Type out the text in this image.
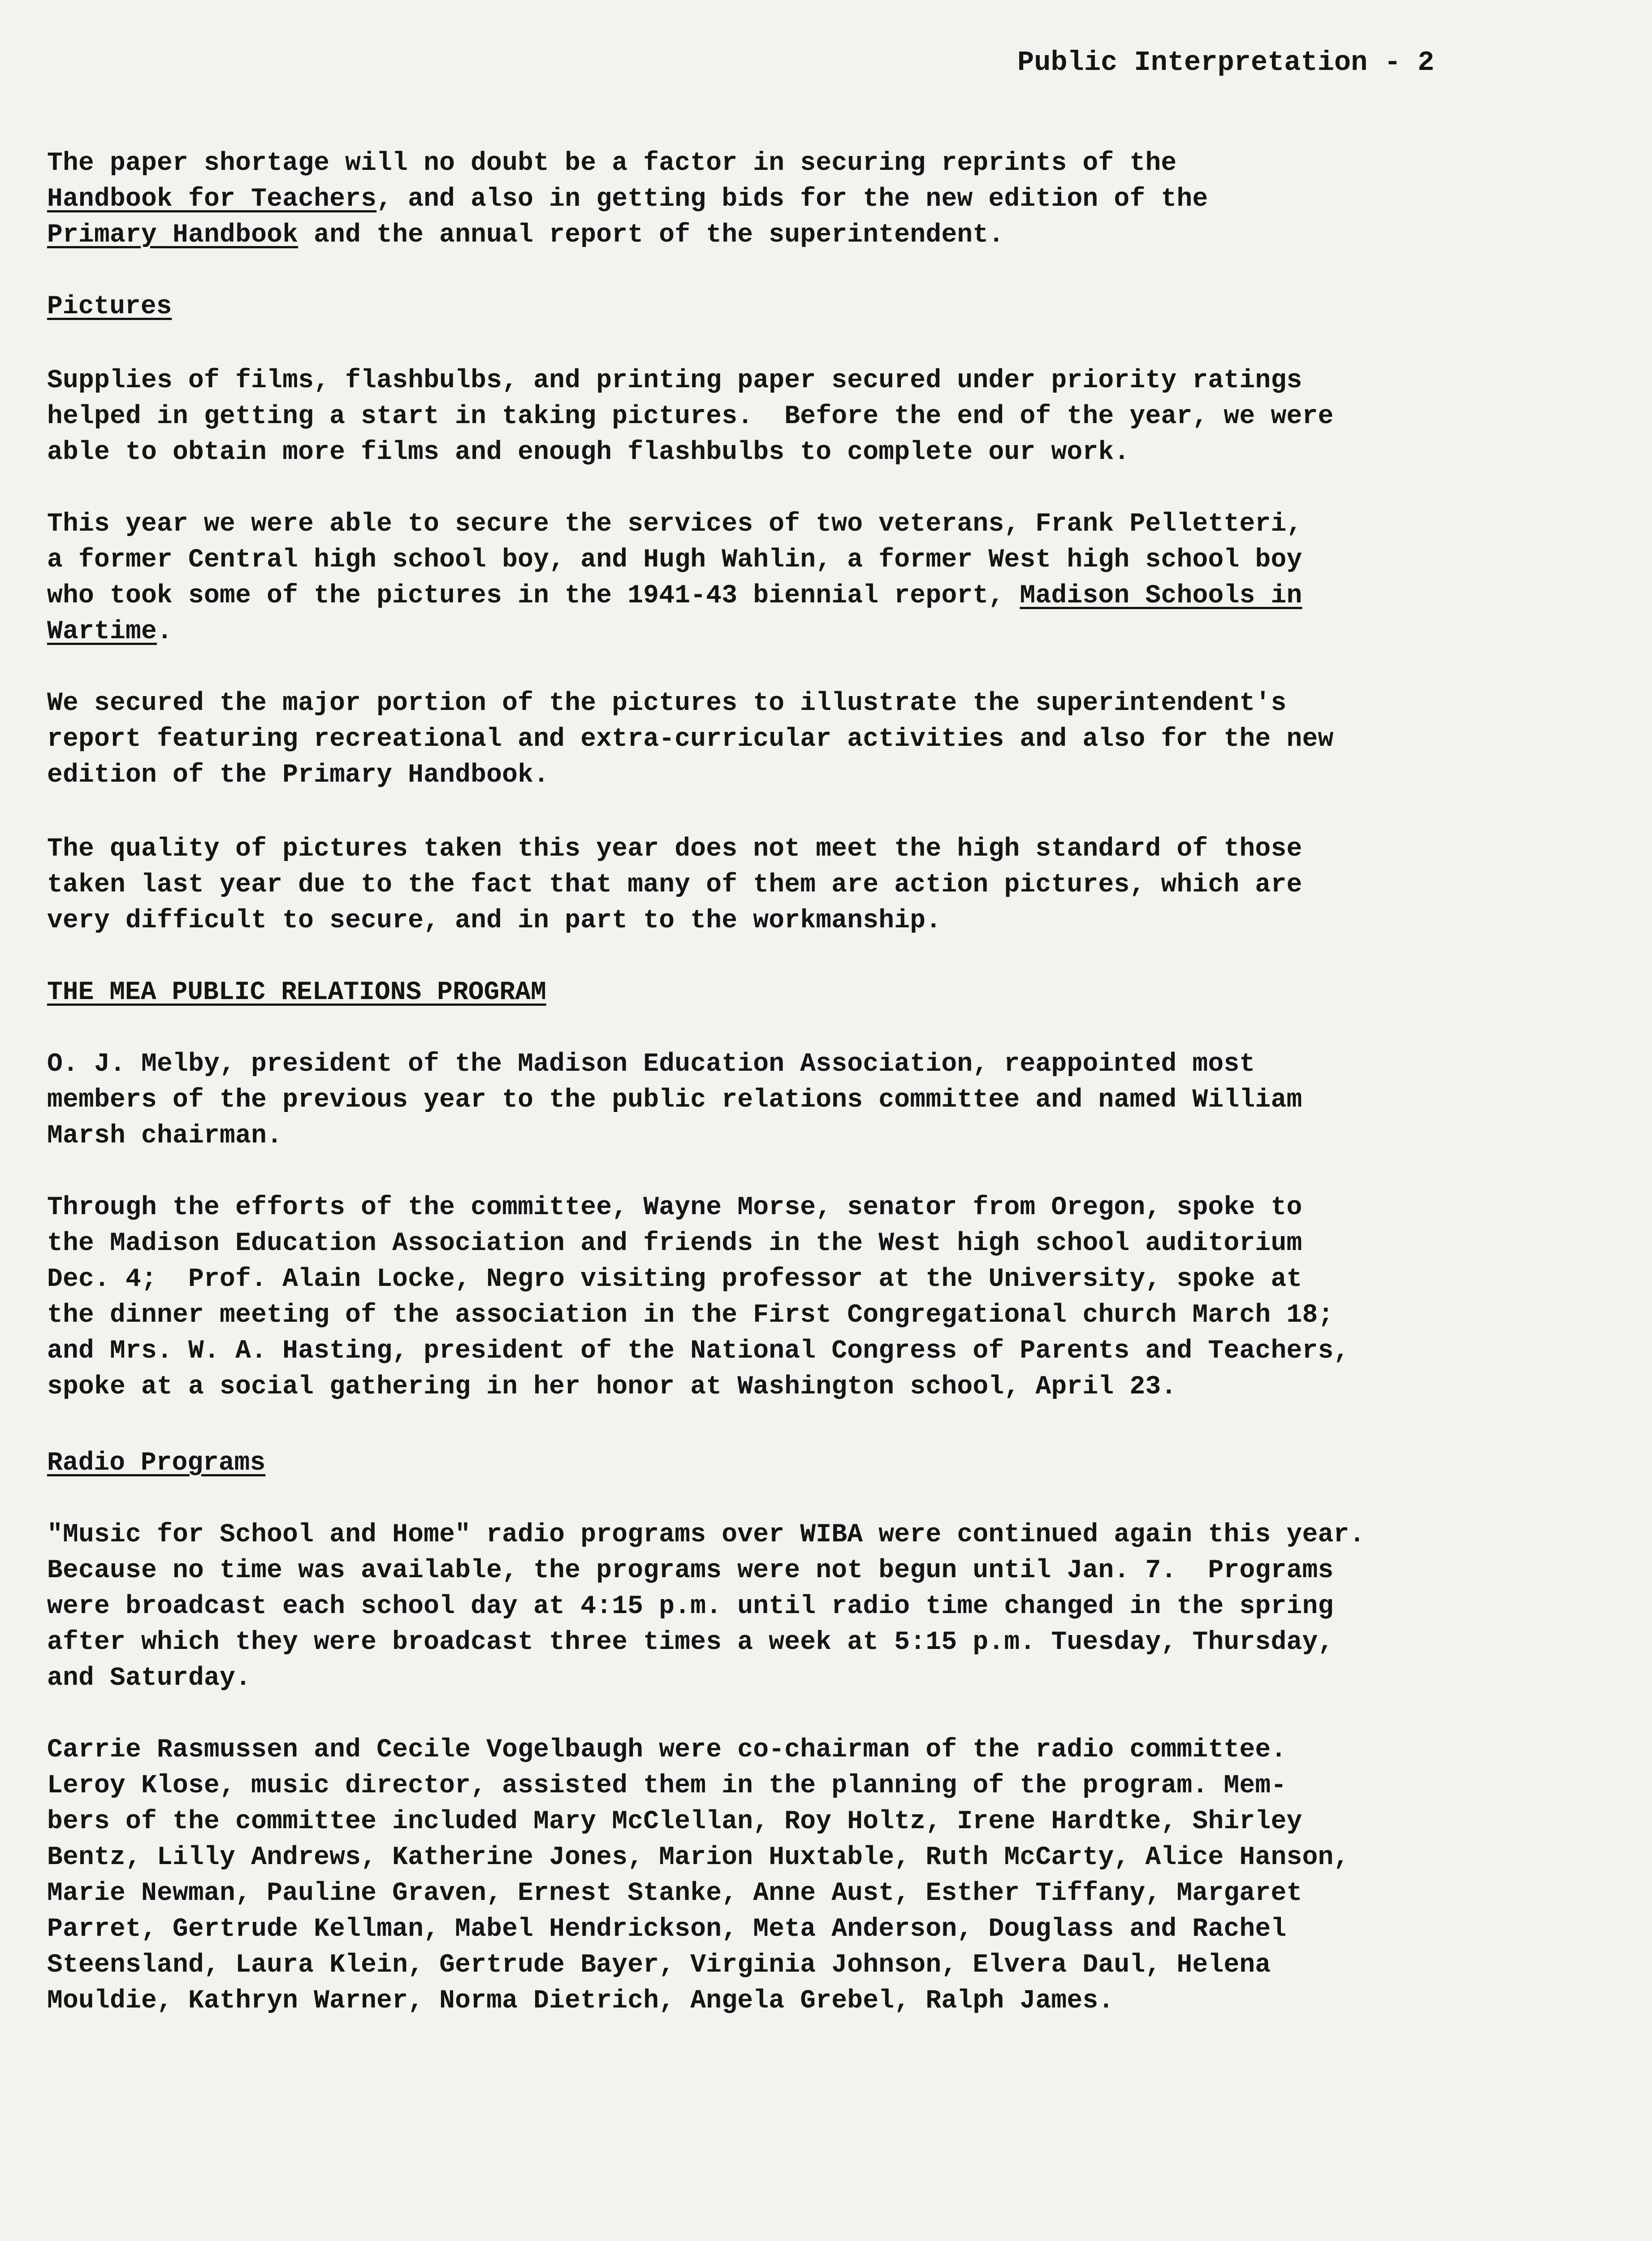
Public Interpretation - 2
The paper shortage will no doubt be a factor in securing reprints of the
Handbook for Teachers, and also in getting bids for the new edition of the
Primary Handbook and the annual report of the superintendent.
Pictures
Supplies of films, flashbulbs, and printing paper secured under priority ratings
helped in getting a start in taking pictures.  Before the end of the year, we were
able to obtain more films and enough flashbulbs to complete our work.
This year we were able to secure the services of two veterans, Frank Pelletteri,
a former Central high school boy, and Hugh Wahlin, a former West high school boy
who took some of the pictures in the 1941-43 biennial report, Madison Schools in
Wartime.
We secured the major portion of the pictures to illustrate the superintendent's
report featuring recreational and extra-curricular activities and also for the new
edition of the Primary Handbook.
The quality of pictures taken this year does not meet the high standard of those
taken last year due to the fact that many of them are action pictures, which are
very difficult to secure, and in part to the workmanship.
THE MEA PUBLIC RELATIONS PROGRAM
O. J. Melby, president of the Madison Education Association, reappointed most
members of the previous year to the public relations committee and named William
Marsh chairman.
Through the efforts of the committee, Wayne Morse, senator from Oregon, spoke to
the Madison Education Association and friends in the West high school auditorium
Dec. 4;  Prof. Alain Locke, Negro visiting professor at the University, spoke at
the dinner meeting of the association in the First Congregational church March 18;
and Mrs. W. A. Hasting, president of the National Congress of Parents and Teachers,
spoke at a social gathering in her honor at Washington school, April 23.
Radio Programs
"Music for School and Home" radio programs over WIBA were continued again this year.
Because no time was available, the programs were not begun until Jan. 7.  Programs
were broadcast each school day at 4:15 p.m. until radio time changed in the spring
after which they were broadcast three times a week at 5:15 p.m. Tuesday, Thursday,
and Saturday.
Carrie Rasmussen and Cecile Vogelbaugh were co-chairman of the radio committee.
Leroy Klose, music director, assisted them in the planning of the program. Mem-
bers of the committee included Mary McClellan, Roy Holtz, Irene Hardtke, Shirley
Bentz, Lilly Andrews, Katherine Jones, Marion Huxtable, Ruth McCarty, Alice Hanson,
Marie Newman, Pauline Graven, Ernest Stanke, Anne Aust, Esther Tiffany, Margaret
Parret, Gertrude Kellman, Mabel Hendrickson, Meta Anderson, Douglass and Rachel
Steensland, Laura Klein, Gertrude Bayer, Virginia Johnson, Elvera Daul, Helena
Mouldie, Kathryn Warner, Norma Dietrich, Angela Grebel, Ralph James.
